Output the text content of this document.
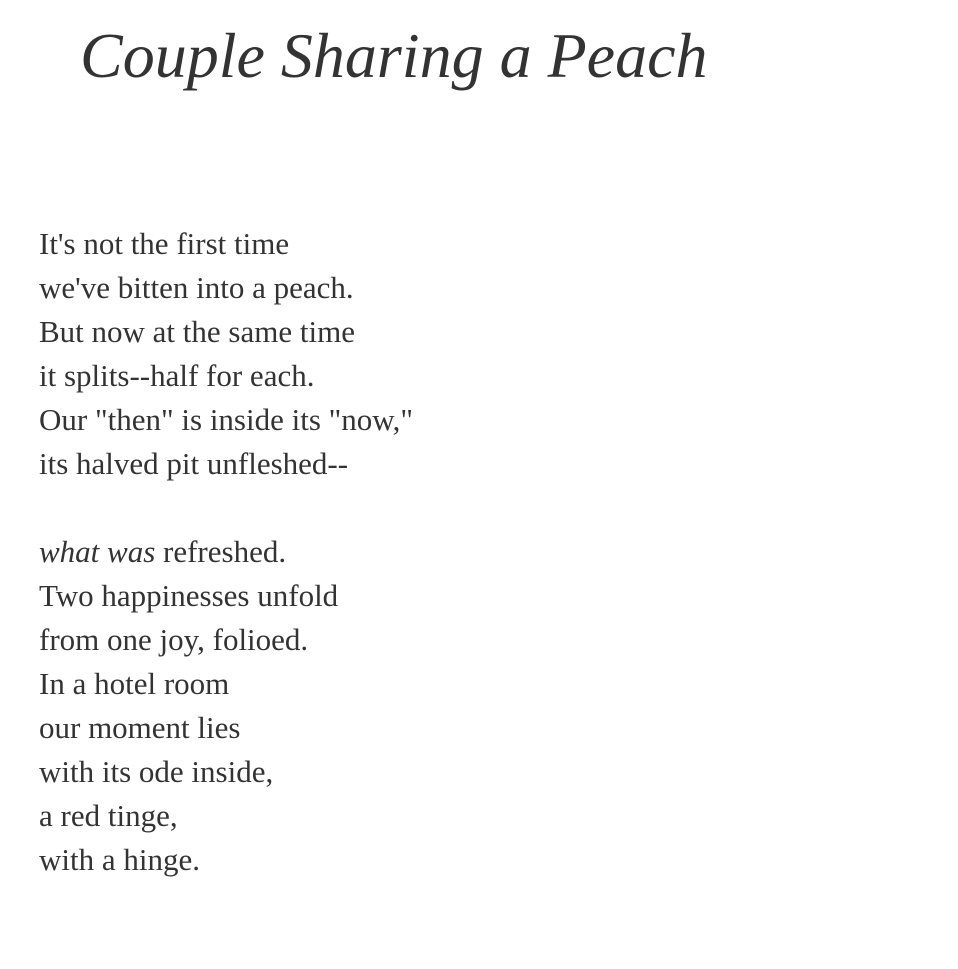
Couple Sharing a Peach
It's not the first time
we've bitten into a peach.
But now at the same time
it splits--half for each.
Our "then" is inside its "now,"
its halved pit unfleshed--
what was refreshed.
Two happinesses unfold
from one joy, folioed.
In a hotel room
our moment lies
with its ode inside,
a red tinge,
with a hinge.
